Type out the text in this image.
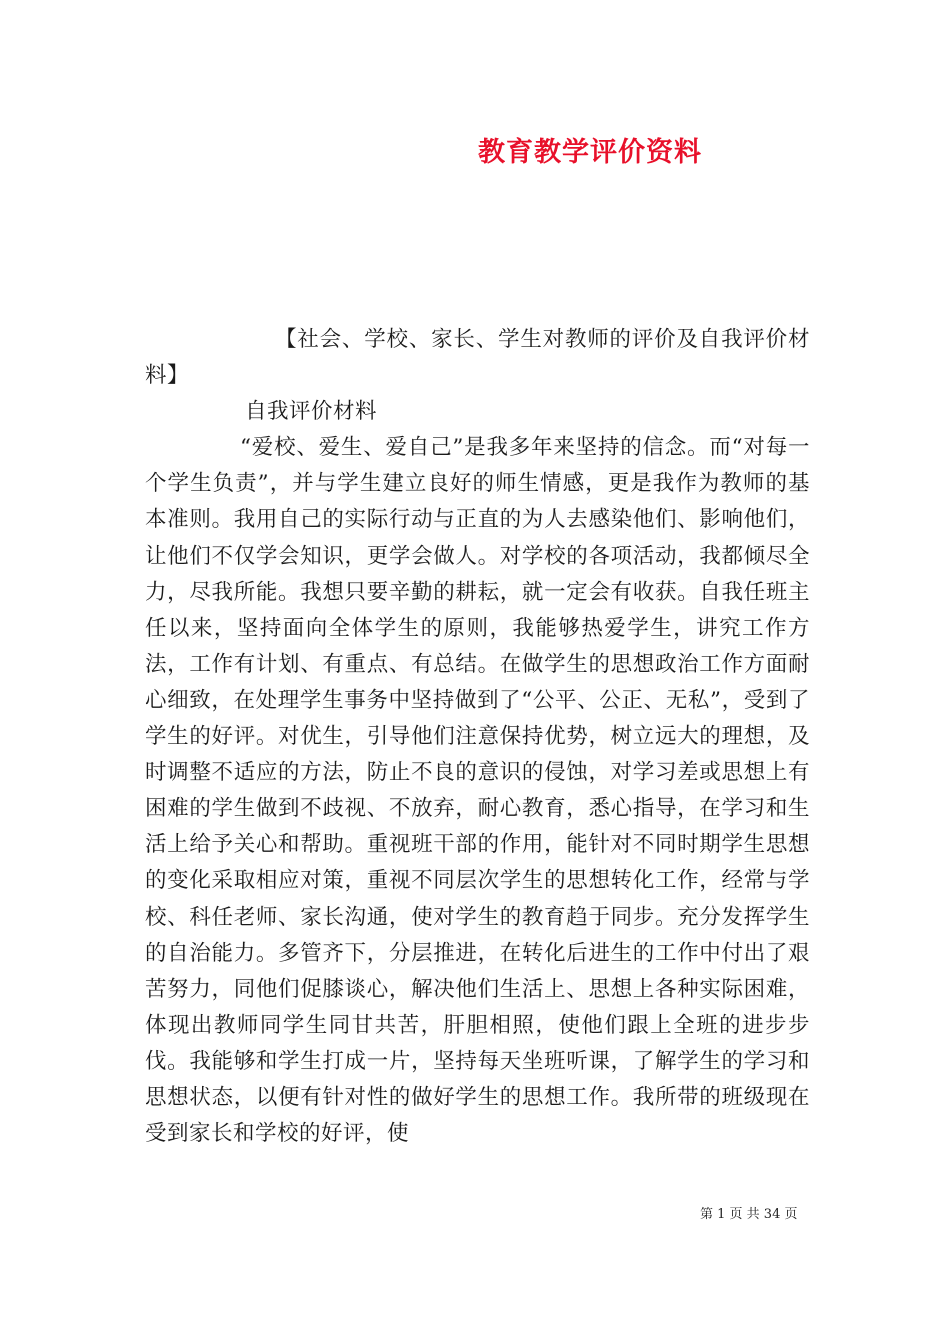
教育教学评价资料

【社会、学校、家长、学生对教师的评价及自我评价材料】

自我评价材料

“爱校、爱生、爱自己”是我多年来坚持的信念。而“对每一个学生负责”，并与学生建立良好的师生情感，更是我作为教师的基本准则。我用自己的实际行动与正直的为人去感染他们、影响他们，让他们不仅学会知识，更学会做人。对学校的各项活动，我都倾尽全力，尽我所能。我想只要辛勤的耕耘，就一定会有收获。自我任班主任以来，坚持面向全体学生的原则，我能够热爱学生，讲究工作方法，工作有计划、有重点、有总结。在做学生的思想政治工作方面耐心细致，在处理学生事务中坚持做到了“公平、公正、无私”，受到了学生的好评。对优生，引导他们注意保持优势，树立远大的理想，及时调整不适应的方法，防止不良的意识的侵蚀，对学习差或思想上有困难的学生做到不歧视、不放弃，耐心教育，悉心指导，在学习和生活上给予关心和帮助。重视班干部的作用，能针对不同时期学生思想的变化采取相应对策，重视不同层次学生的思想转化工作，经常与学校、科任老师、家长沟通，使对学生的教育趋于同步。充分发挥学生的自治能力。多管齐下，分层推进，在转化后进生的工作中付出了艰苦努力，同他们促膝谈心，解决他们生活上、思想上各种实际困难，体现出教师同学生同甘共苦，肝胆相照，使他们跟上全班的进步步伐。我能够和学生打成一片，坚持每天坐班听课，了解学生的学习和思想状态，以便有针对性的做好学生的思想工作。我所带的班级现在受到家长和学校的好评，使

第 1 页 共 34 页
